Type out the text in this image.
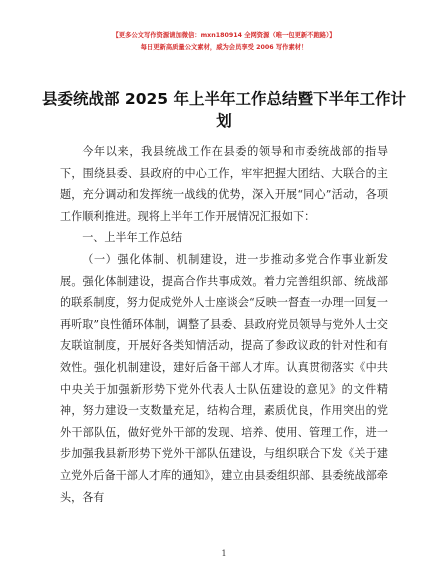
【更多公文写作资源请加微信：mxn180914 全网资源（唯一包更新不跑路）】
每日更新高质量公文素材，威为会员享受 2006 写作素材！
县委统战部 2025 年上半年工作总结暨下半年工作计划

今年以来，我县统战工作在县委的领导和市委统战部的指导下，围绕县委、县政府的中心工作，牢牢把握大团结、大联合的主题，充分调动和发挥统一战线的优势，深入开展“同心”活动，各项工作顺利推进。现将上半年工作开展情况汇报如下：

一、上半年工作总结

（一）强化体制、机制建设，进一步推动多党合作事业新发展。强化体制建设，提高合作共事成效。着力完善组织部、统战部的联系制度，努力促成党外人士座谈会“反映一督查一办理一回复一再听取”良性循环体制，调整了县委、县政府党员领导与党外人士交友联谊制度，开展好各类知情活动，提高了参政议政的针对性和有效性。强化机制建设，建好后备干部人才库。认真贯彻落实《中共中央关于加强新形势下党外代表人士队伍建设的意见》的文件精神，努力建设一支数量充足，结构合理，素质优良，作用突出的党外干部队伍，做好党外干部的发现、培养、使用、管理工作，进一步加强我县新形势下党外干部队伍建设，与组织联合下发《关于建立党外后备干部人才库的通知》，建立由县委组织部、县委统战部牵头，各有

1
